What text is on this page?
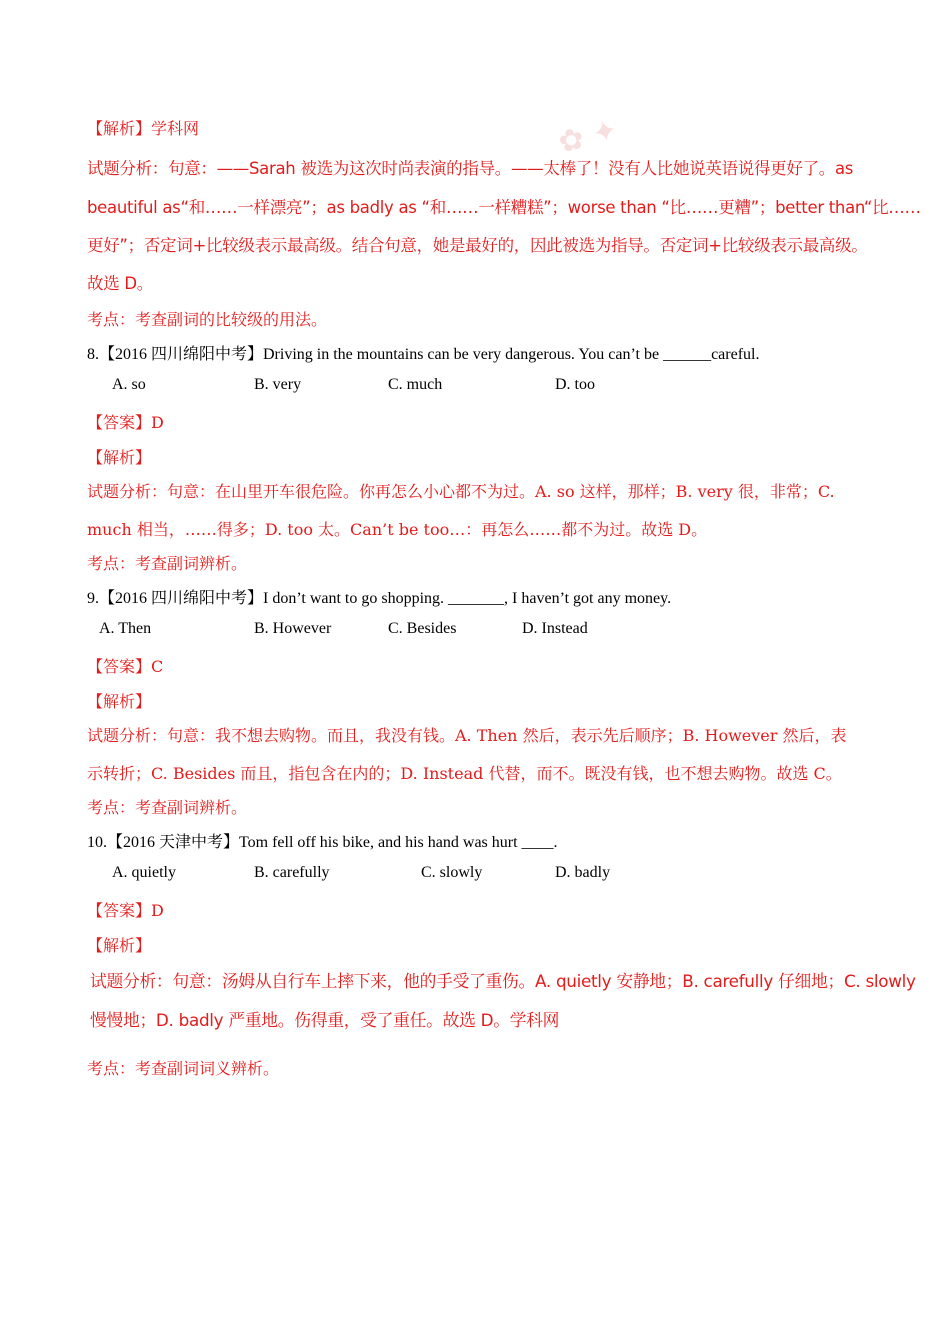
✿ ✦
【解析】学科网
试题分析：句意：——Sarah 被选为这次时尚表演的指导。——太棒了！没有人比她说英语说得更好了。as
beautiful as“和……一样漂亮”；as badly as “和……一样糟糕”；worse than “比……更糟”；better than“比……
更好”；否定词+比较级表示最高级。结合句意，她是最好的，因此被选为指导。否定词+比较级表示最高级。
故选 D。
考点：考查副词的比较级的用法。
8.【2016 四川绵阳中考】Driving in the mountains can be very dangerous. You can’t be ______careful.
A. so	B. very	C. much	D. too
【答案】D
【解析】
试题分析：句意：在山里开车很危险。你再怎么小心都不为过。A. so 这样，那样；B. very 很，非常；C.
much 相当，……得多；D. too 太。Can’t be too…：再怎么……都不为过。故选 D。
考点：考查副词辨析。
9.【2016 四川绵阳中考】I don’t want to go shopping. _______, I haven’t got any money.
A. Then	B. However	C. Besides	D. Instead
【答案】C
【解析】
试题分析：句意：我不想去购物。而且，我没有钱。A. Then 然后，表示先后顺序；B. However 然后，表
示转折；C. Besides 而且，指包含在内的；D. Instead 代替，而不。既没有钱，也不想去购物。故选 C。
考点：考查副词辨析。
10.【2016 天津中考】Tom fell off his bike, and his hand was hurt ____.
A. quietly	B. carefully	C. slowly	D. badly
【答案】D
【解析】
试题分析：句意：汤姆从自行车上摔下来，他的手受了重伤。A. quietly 安静地；B. carefully 仔细地；C. slowly
慢慢地；D. badly 严重地。伤得重，受了重任。故选 D。学科网
考点：考查副词词义辨析。
